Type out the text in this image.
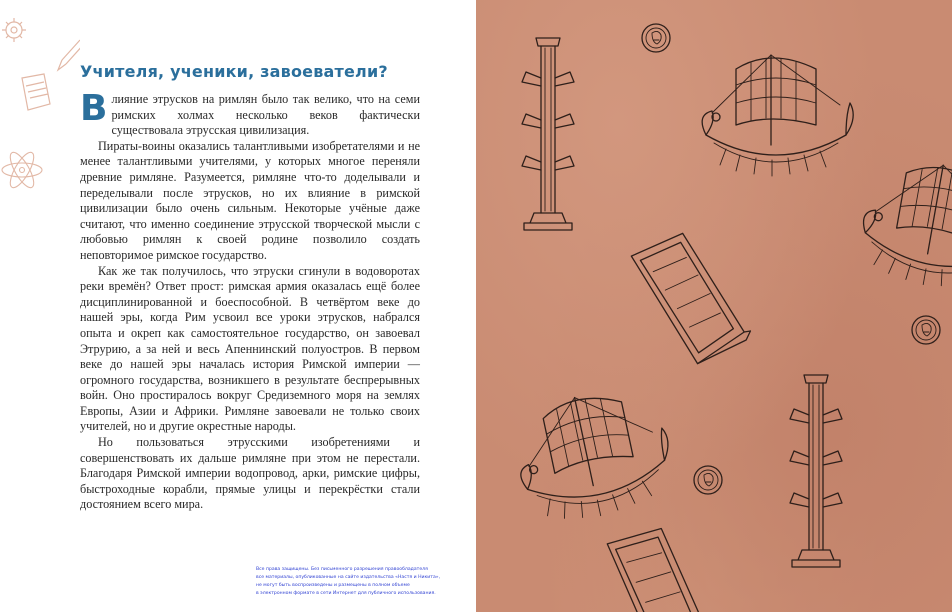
Учителя, ученики, завоеватели?

Влияние этрусков на римлян было так велико, что на семи римских холмах несколько веков фактически существовала этрусская цивилизация.

Пираты-воины оказались талантливыми изобретателями и не менее талантливыми учителями, у которых многое переняли древние римляне. Разумеется, римляне что-то доделывали и переделывали после этрусков, но их влияние в римской цивилизации было очень сильным. Некоторые учёные даже считают, что именно соединение этрусской творческой мысли с любовью римлян к своей родине позволило создать неповторимое римское государство.

Как же так получилось, что этруски сгинули в водоворотах реки времён? Ответ прост: римская армия оказалась ещё более дисциплинированной и боеспособной. В четвёртом веке до нашей эры, когда Рим усвоил все уроки этрусков, набрался опыта и окреп как самостоятельное государство, он завоевал Этрурию, а за ней и весь Апеннинский полуостров. В первом веке до нашей эры началась история Римской империи — огромного государства, возникшего в результате беспрерывных войн. Оно простиралось вокруг Средиземного моря на землях Европы, Азии и Африки. Римляне завоевали не только своих учителей, но и другие окрестные народы.

Но пользоваться этрусскими изобретениями и совершенствовать их дальше римляне при этом не перестали. Благодаря Римской империи водопровод, арки, римские цифры, быстроходные корабли, прямые улицы и перекрёстки стали достоянием всего мира.

Все права защищены. Без письменного разрешения правообладателя
все материалы, опубликованные на сайте издательства «Настя и Никита»,
не могут быть воспроизведены и размещены в полном объеме
в электронном формате в сети Интернет для публичного использования.
